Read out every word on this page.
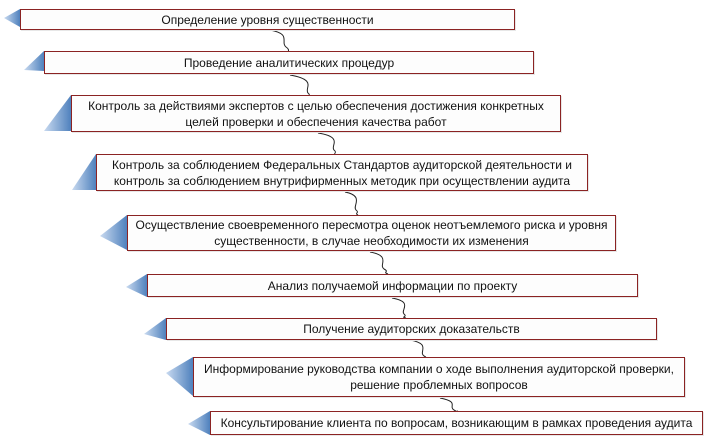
Определение уровня существенности
Проведение аналитических процедур
Контроль за действиями экспертов с целью обеспечения достижения конкретных
целей проверки и обеспечения качества работ
Контроль за соблюдением Федеральных Стандартов аудиторской деятельности и
контроль за соблюдением внутрифирменных методик при осуществлении аудита
Осуществление своевременного пересмотра оценок неотъемлемого риска и уровня
существенности, в случае необходимости их изменения
Анализ получаемой информации по проекту
Получение аудиторских доказательств
Информирование руководства компании о ходе выполнения аудиторской проверки,
решение проблемных вопросов
Консультирование клиента по вопросам, возникающим в рамках проведения аудита
